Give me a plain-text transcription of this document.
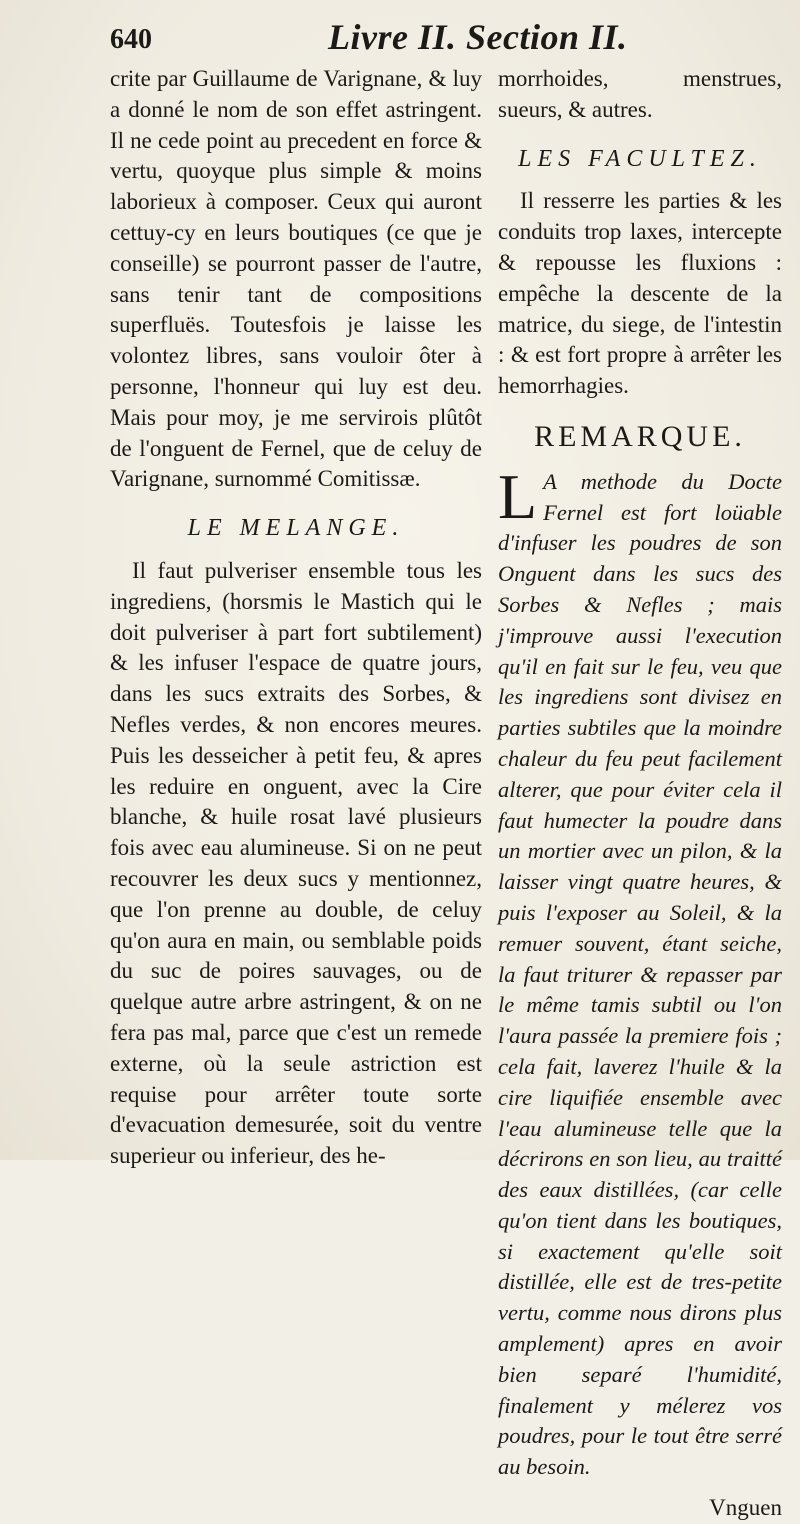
640	Livre II. Section II.

crite par Guillaume de Varignane, & luy a donné le nom de son effet astringent. Il ne cede point au precedent en force & vertu, quoyque plus simple & moins laborieux à composer. Ceux qui auront cettuy-cy en leurs boutiques (ce que je conseille) se pourront passer de l'autre, sans tenir tant de compositions superfluës. Toutesfois je laisse les volontez libres, sans vouloir ôter à personne, l'honneur qui luy est deu. Mais pour moy, je me servirois plûtôt de l'onguent de Fernel, que de celuy de Varignane, surnommé Comitissæ.

LE MELANGE.

Il faut pulveriser ensemble tous les ingrediens, (horsmis le Mastich qui le doit pulveriser à part fort subtilement) & les infuser l'espace de quatre jours, dans les sucs extraits des Sorbes, & Nefles verdes, & non encores meures. Puis les desseicher à petit feu, & apres les reduire en onguent, avec la Cire blanche, & huile rosat lavé plusieurs fois avec eau alumineuse. Si on ne peut recouvrer les deux sucs y mentionnez, que l'on prenne au double, de celuy qu'on aura en main, ou semblable poids du suc de poires sauvages, ou de quelque autre arbre astringent, & on ne fera pas mal, parce que c'est un remede externe, où la seule astriction est requise pour arrêter toute sorte d'evacuation demesurée, soit du ventre superieur ou inferieur, des he-

morrhoides, menstrues, sueurs, & autres.

LES FACULTEZ.

Il resserre les parties & les conduits trop laxes, intercepte & repousse les fluxions : empêche la descente de la matrice, du siege, de l'intestin : & est fort propre à arrêter les hemorrhagies.

REMARQUE.
L A methode du Docte Fernel est fort loüable d'infuser les poudres de son Onguent dans les sucs des Sorbes & Nefles ; mais j'improuve aussi l'execution qu'il en fait sur le feu, veu que les ingrediens sont divisez en parties subtiles que la moindre chaleur du feu peut facilement alterer, que pour éviter cela il faut humecter la poudre dans un mortier avec un pilon, & la laisser vingt quatre heures, & puis l'exposer au Soleil, & la remuer souvent, étant seiche, la faut triturer & repasser par le même tamis subtil ou l'on l'aura passée la premiere fois ; cela fait, laverez l'huile & la cire liquifiée ensemble avec l'eau alumineuse telle que la décrirons en son lieu, au traitté des eaux distillées, (car celle qu'on tient dans les boutiques, si exactement qu'elle soit distillée, elle est de tres-petite vertu, comme nous dirons plus amplement) apres en avoir bien separé l'humidité, finalement y mélerez vos poudres, pour le tout être serré au besoin.
Vnguen
